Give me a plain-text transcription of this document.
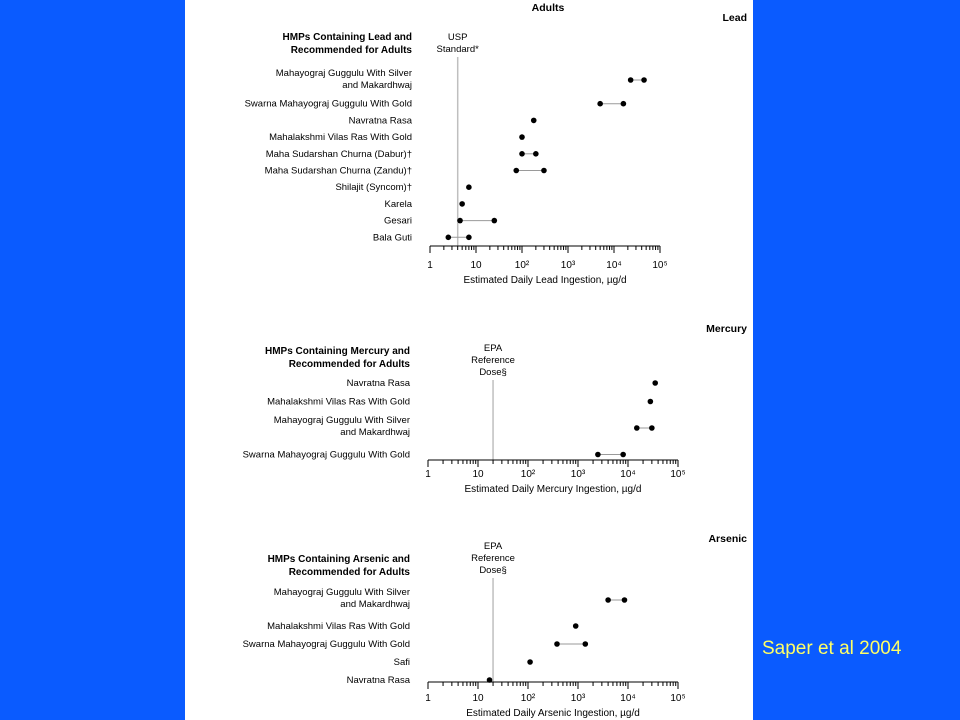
Adults
Lead
HMPs Containing Lead and
Recommended for Adults
USP
Standard*
Mahayograj Guggulu With Silver
and Makardhwaj
Swarna Mahayograj Guggulu With Gold
Navratna Rasa
Mahalakshmi Vilas Ras With Gold
Maha Sudarshan Churna (Dabur)†
Maha Sudarshan Churna (Zandu)†
Shilajit (Syncom)†
Karela
Gesari
Bala Guti
1	10	10²	10³	10⁴	10⁵
Estimated Daily Lead Ingestion, µg/d
Mercury
HMPs Containing Mercury and
Recommended for Adults
EPA
Reference
Dose§
Navratna Rasa
Mahalakshmi Vilas Ras With Gold
Mahayograj Guggulu With Silver
and Makardhwaj
Swarna Mahayograj Guggulu With Gold
1	10	10²	10³	10⁴	10⁵
Estimated Daily Mercury Ingestion, µg/d
Arsenic
HMPs Containing Arsenic and
Recommended for Adults
EPA
Reference
Dose§
Mahayograj Guggulu With Silver
and Makardhwaj
Mahalakshmi Vilas Ras With Gold
Swarna Mahayograj Guggulu With Gold
Safi
Navratna Rasa
1	10	10²	10³	10⁴	10⁵
Estimated Daily Arsenic Ingestion, µg/d
Saper et al 2004
